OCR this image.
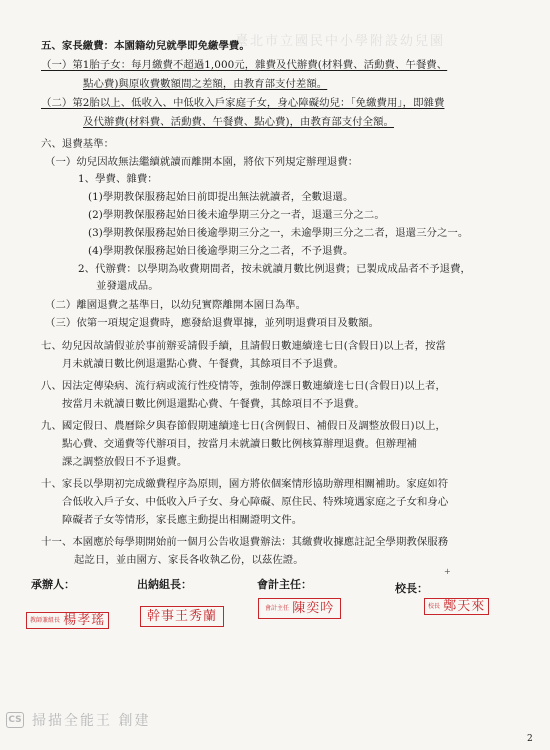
臺北市立國民中小學附設幼兒園
五、家長繳費：本園籍幼兒就學即免繳學費。
（一）第1胎子女：每月繳費不超過1,000元，雜費及代辦費(材料費、活動費、午餐費、
點心費)與原收費數額間之差額，由教育部支付差額。
（二）第2胎以上、低收入、中低收入戶家庭子女，身心障礙幼兒：「免繳費用」，即雜費
及代辦費(材料費、活動費、午餐費、點心費)，由教育部支付全額。
六、退費基準：
（一）幼兒因故無法繼續就讀而離開本園，將依下列規定辦理退費：
1、學費、雜費：
(1)學期教保服務起始日前即提出無法就讀者，全數退還。
(2)學期教保服務起始日後未逾學期三分之一者，退還三分之二。
(3)學期教保服務起始日後逾學期三分之一，未逾學期三分之二者，退還三分之一。
(4)學期教保服務起始日後逾學期三分之二者，不予退費。
2、代辦費：以學期為收費期間者，按未就讀月數比例退費；已製成成品者不予退費，
並發還成品。
（二）離園退費之基準日，以幼兒實際離開本園日為準。
（三）依第一項規定退費時，應發給退費單據，並列明退費項目及數額。
七、幼兒因故請假並於事前辦妥請假手續，且請假日數連續達七日(含假日)以上者，按當
月未就讀日數比例退還點心費、午餐費，其餘項目不予退費。
八、因法定傳染病、流行病或流行性疫情等，強制停課日數連續達七日(含假日)以上者，
按當月未就讀日數比例退還點心費、午餐費，其餘項目不予退費。
九、國定假日、農曆除夕與春節假期連續達七日(含例假日、補假日及調整放假日)以上，
點心費、交通費等代辦項目，按當月未就讀日數比例核算辦理退費。但辦理補
課之調整放假日不予退費。
十、家長以學期初完成繳費程序為原則，園方將依個案情形協助辦理相關補助。家庭如符
合低收入戶子女、中低收入戶子女、身心障礙、原住民、特殊境遇家庭之子女和身心
障礙者子女等情形，家長應主動提出相關證明文件。
十一、本園應於每學期開始前一個月公告收退費辦法：其繳費收據應註記全學期教保服務
起訖日，並由園方、家長各收執乙份，以茲佐證。
+
承辦人：	出納組長：	會計主任：	校長：
教師兼組長 楊孝瑤	幹事王秀蘭
會計主任 陳奕吟	校長 鄭天來
CS 掃描全能王 創建
2
